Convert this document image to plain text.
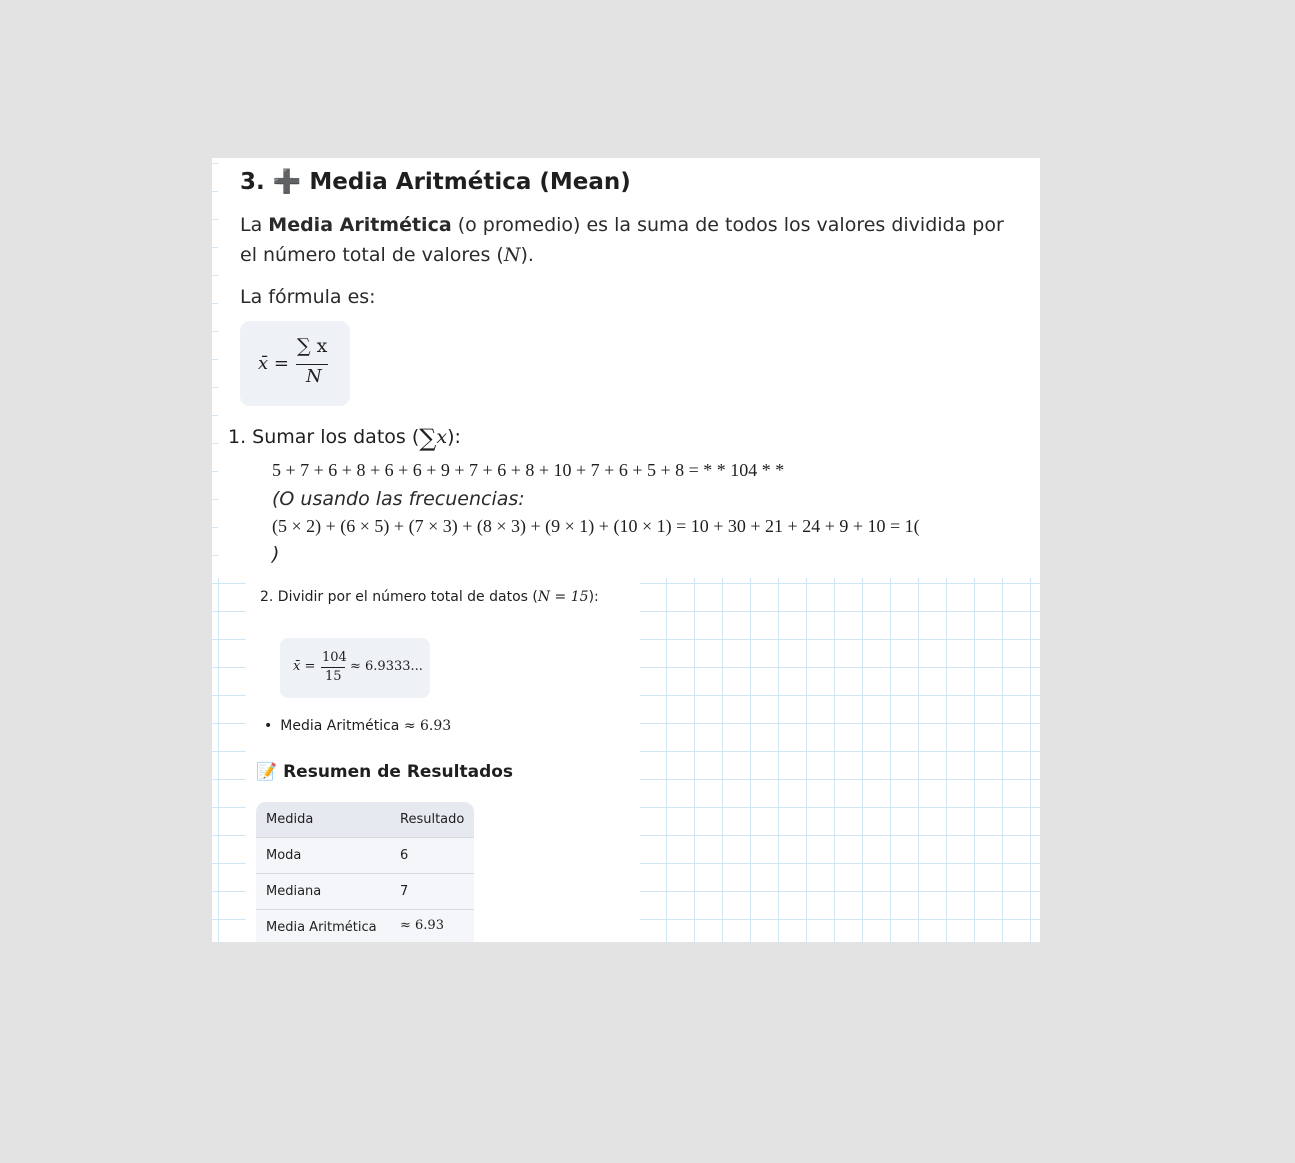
3. ➕ Media Aritmética (Mean)
La Media Aritmética (o promedio) es la suma de todos los valores dividida por el número total de valores (N).
La fórmula es:
x̄ =
∑ x
N
1. Sumar los datos (∑x):
5 + 7 + 6 + 8 + 6 + 6 + 9 + 7 + 6 + 8 + 10 + 7 + 6 + 5 + 8 = * * 104 * *
(O usando las frecuencias:
(5 × 2) + (6 × 5) + (7 × 3) + (8 × 3) + (9 × 1) + (10 × 1) = 10 + 30 + 21 + 24 + 9 + 10 = 1(
)
2. Dividir por el número total de datos (N = 15):
x̄ =
104
15
≈ 6.9333...
• Media Aritmética ≈ 6.93
📝 Resumen de Resultados
Medida	Resultado
Moda	6
Mediana	7
Media Aritmética ≈ 6.93
